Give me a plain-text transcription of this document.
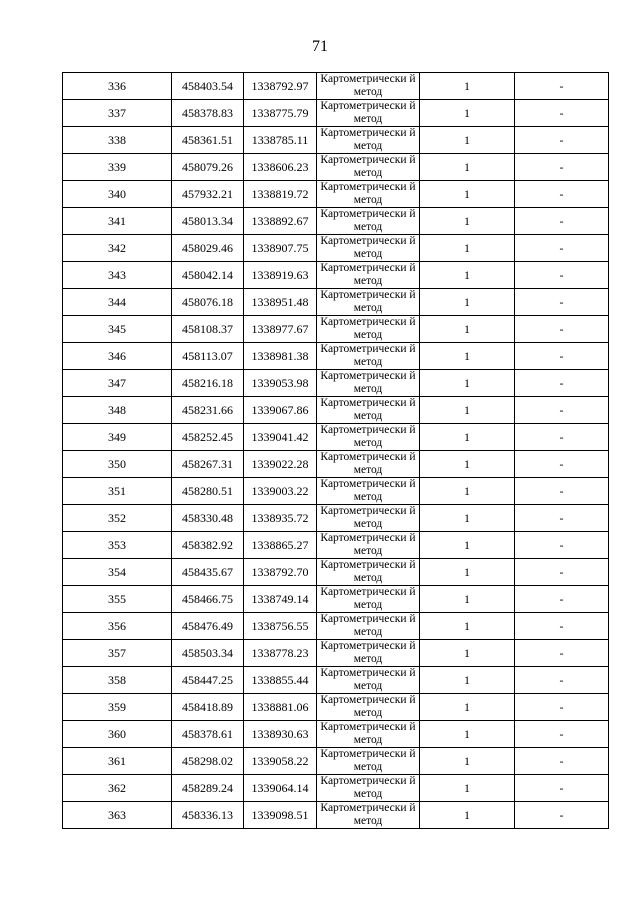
71
336	458403.54	1338792.97	Картометрически й метод	1	-
337	458378.83	1338775.79	Картометрически й метод	1	-
338	458361.51	1338785.11	Картометрически й метод	1	-
339	458079.26	1338606.23	Картометрически й метод	1	-
340	457932.21	1338819.72	Картометрически й метод	1	-
341	458013.34	1338892.67	Картометрически й метод	1	-
342	458029.46	1338907.75	Картометрически й метод	1	-
343	458042.14	1338919.63	Картометрически й метод	1	-
344	458076.18	1338951.48	Картометрически й метод	1	-
345	458108.37	1338977.67	Картометрически й метод	1	-
346	458113.07	1338981.38	Картометрически й метод	1	-
347	458216.18	1339053.98	Картометрически й метод	1	-
348	458231.66	1339067.86	Картометрически й метод	1	-
349	458252.45	1339041.42	Картометрически й метод	1	-
350	458267.31	1339022.28	Картометрически й метод	1	-
351	458280.51	1339003.22	Картометрически й метод	1	-
352	458330.48	1338935.72	Картометрически й метод	1	-
353	458382.92	1338865.27	Картометрически й метод	1	-
354	458435.67	1338792.70	Картометрически й метод	1	-
355	458466.75	1338749.14	Картометрически й метод	1	-
356	458476.49	1338756.55	Картометрически й метод	1	-
357	458503.34	1338778.23	Картометрически й метод	1	-
358	458447.25	1338855.44	Картометрически й метод	1	-
359	458418.89	1338881.06	Картометрически й метод	1	-
360	458378.61	1338930.63	Картометрически й метод	1	-
361	458298.02	1339058.22	Картометрически й метод	1	-
362	458289.24	1339064.14	Картометрически й метод	1	-
363	458336.13	1339098.51	Картометрически й метод	1	-
